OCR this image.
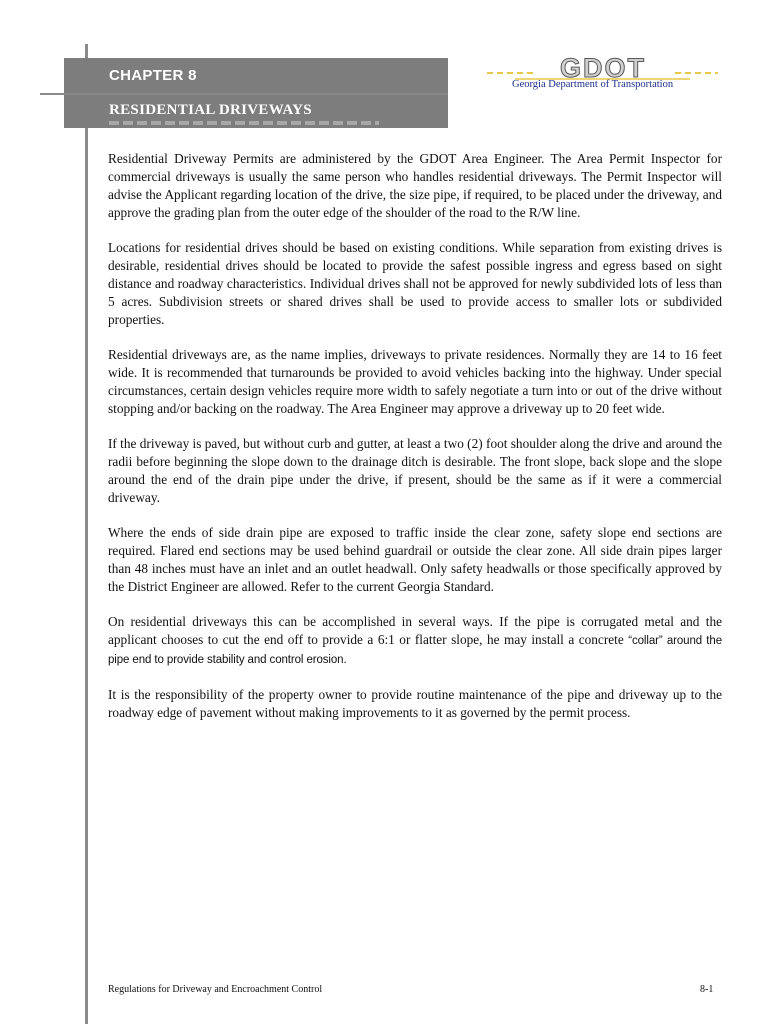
CHAPTER 8
RESIDENTIAL DRIVEWAYS
GDOT
Georgia Department of Transportation

Residential Driveway Permits are administered by the GDOT Area Engineer. The Area Permit Inspector for commercial driveways is usually the same person who handles residential driveways. The Permit Inspector will advise the Applicant regarding location of the drive, the size pipe, if required, to be placed under the driveway, and approve the grading plan from the outer edge of the shoulder of the road to the R/W line.

Locations for residential drives should be based on existing conditions. While separation from existing drives is desirable, residential drives should be located to provide the safest possible ingress and egress based on sight distance and roadway characteristics. Individual drives shall not be approved for newly subdivided lots of less than 5 acres. Subdivision streets or shared drives shall be used to provide access to smaller lots or subdivided properties.

Residential driveways are, as the name implies, driveways to private residences. Normally they are 14 to 16 feet wide. It is recommended that turnarounds be provided to avoid vehicles backing into the highway. Under special circumstances, certain design vehicles require more width to safely negotiate a turn into or out of the drive without stopping and/or backing on the roadway. The Area Engineer may approve a driveway up to 20 feet wide.

If the driveway is paved, but without curb and gutter, at least a two (2) foot shoulder along the drive and around the radii before beginning the slope down to the drainage ditch is desirable. The front slope, back slope and the slope around the end of the drain pipe under the drive, if present, should be the same as if it were a commercial driveway.

Where the ends of side drain pipe are exposed to traffic inside the clear zone, safety slope end sections are required. Flared end sections may be used behind guardrail or outside the clear zone. All side drain pipes larger than 48 inches must have an inlet and an outlet headwall. Only safety headwalls or those specifically approved by the District Engineer are allowed. Refer to the current Georgia Standard.

On residential driveways this can be accomplished in several ways. If the pipe is corrugated metal and the applicant chooses to cut the end off to provide a 6:1 or flatter slope, he may install a concrete “collar” around the pipe end to provide stability and control erosion.

It is the responsibility of the property owner to provide routine maintenance of the pipe and driveway up to the roadway edge of pavement without making improvements to it as governed by the permit process.

Regulations for Driveway and Encroachment Control	8-1
